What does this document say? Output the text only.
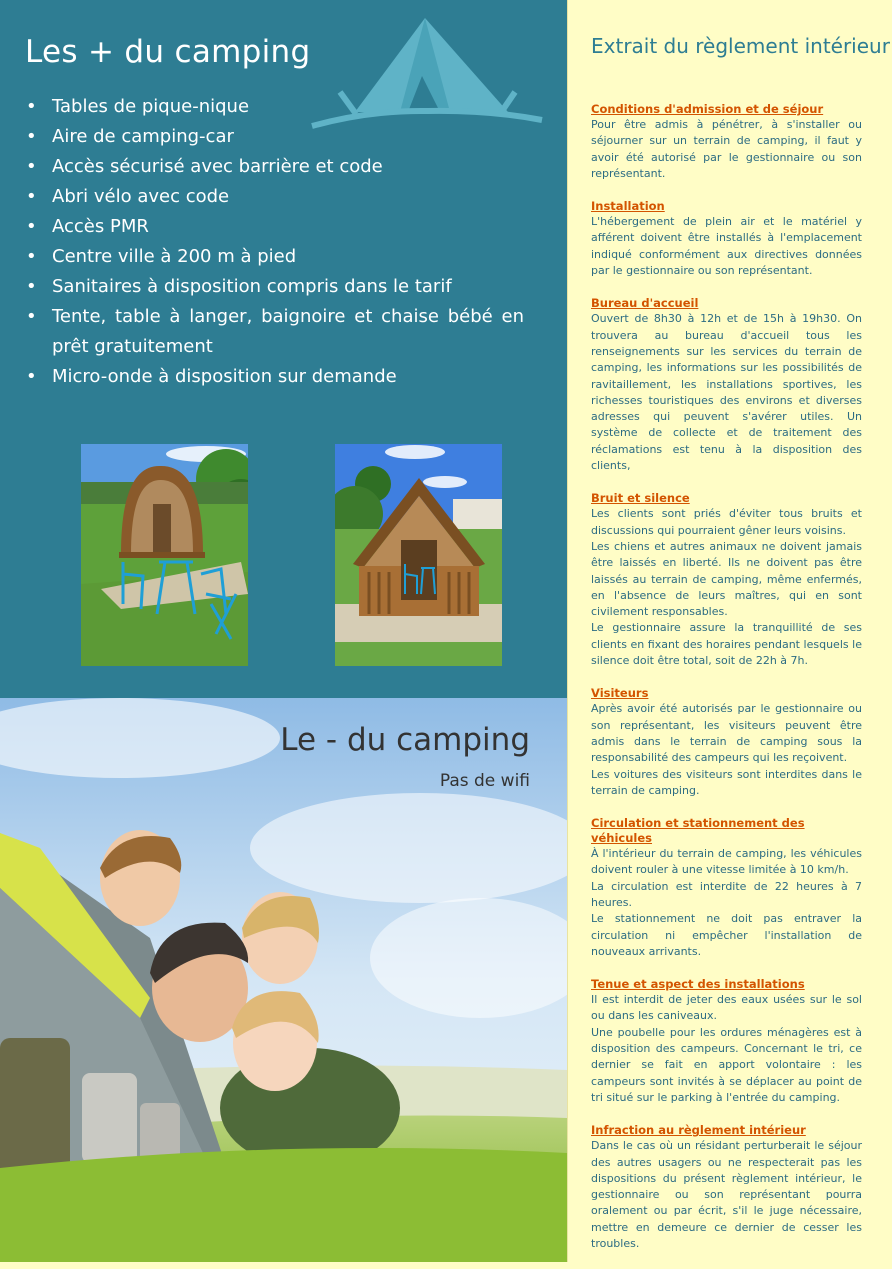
Les + du camping
• Tables de pique-nique
• Aire de camping-car
• Accès sécurisé avec barrière et code
• Abri vélo avec code
• Accès PMR
• Centre ville à 200 m à pied
• Sanitaires à disposition compris dans le tarif
• Tente, table à langer, baignoire et chaise bébé en prêt gratuitement
• Micro-onde à disposition sur demande
Le - du camping
Pas de wifi
Extrait du règlement intérieur
Conditions d'admission et de séjour
Pour être admis à pénétrer, à s'installer ou séjourner sur un terrain de camping, il faut y avoir été autorisé par le gestionnaire ou son représentant.
Installation
L'hébergement de plein air et le matériel y afférent doivent être installés à l'emplacement indiqué conformément aux directives données par le gestionnaire ou son représentant.
Bureau d'accueil
Ouvert de 8h30 à 12h et de 15h à 19h30. On trouvera au bureau d'accueil tous les renseignements sur les services du terrain de camping, les informations sur les possibilités de ravitaillement, les installations sportives, les richesses touristiques des environs et diverses adresses qui peuvent s'avérer utiles. Un système de collecte et de traitement des réclamations est tenu à la disposition des clients,
Bruit et silence
Les clients sont priés d'éviter tous bruits et discussions qui pourraient gêner leurs voisins.
Les chiens et autres animaux ne doivent jamais être laissés en liberté. Ils ne doivent pas être laissés au terrain de camping, même enfermés, en l'absence de leurs maîtres, qui en sont civilement responsables.
Le gestionnaire assure la tranquillité de ses clients en fixant des horaires pendant lesquels le silence doit être total, soit de 22h à 7h.
Visiteurs
Après avoir été autorisés par le gestionnaire ou son représentant, les visiteurs peuvent être admis dans le terrain de camping sous la responsabilité des campeurs qui les reçoivent.
Les voitures des visiteurs sont interdites dans le terrain de camping.
Circulation et stationnement des véhicules
À l'intérieur du terrain de camping, les véhicules doivent rouler à une vitesse limitée à 10 km/h.
La circulation est interdite de 22 heures à 7 heures.
Le stationnement ne doit pas entraver la circulation ni empêcher l'installation de nouveaux arrivants.
Tenue et aspect des installations
Il est interdit de jeter des eaux usées sur le sol ou dans les caniveaux.
Une poubelle pour les ordures ménagères est à disposition des campeurs. Concernant le tri, ce dernier se fait en apport volontaire : les campeurs sont invités à se déplacer au point de tri situé sur le parking à l'entrée du camping.
Infraction au règlement intérieur
Dans le cas où un résidant perturberait le séjour des autres usagers ou ne respecterait pas les dispositions du présent règlement intérieur, le gestionnaire ou son représentant pourra oralement ou par écrit, s'il le juge nécessaire, mettre en demeure ce dernier de cesser les troubles.
